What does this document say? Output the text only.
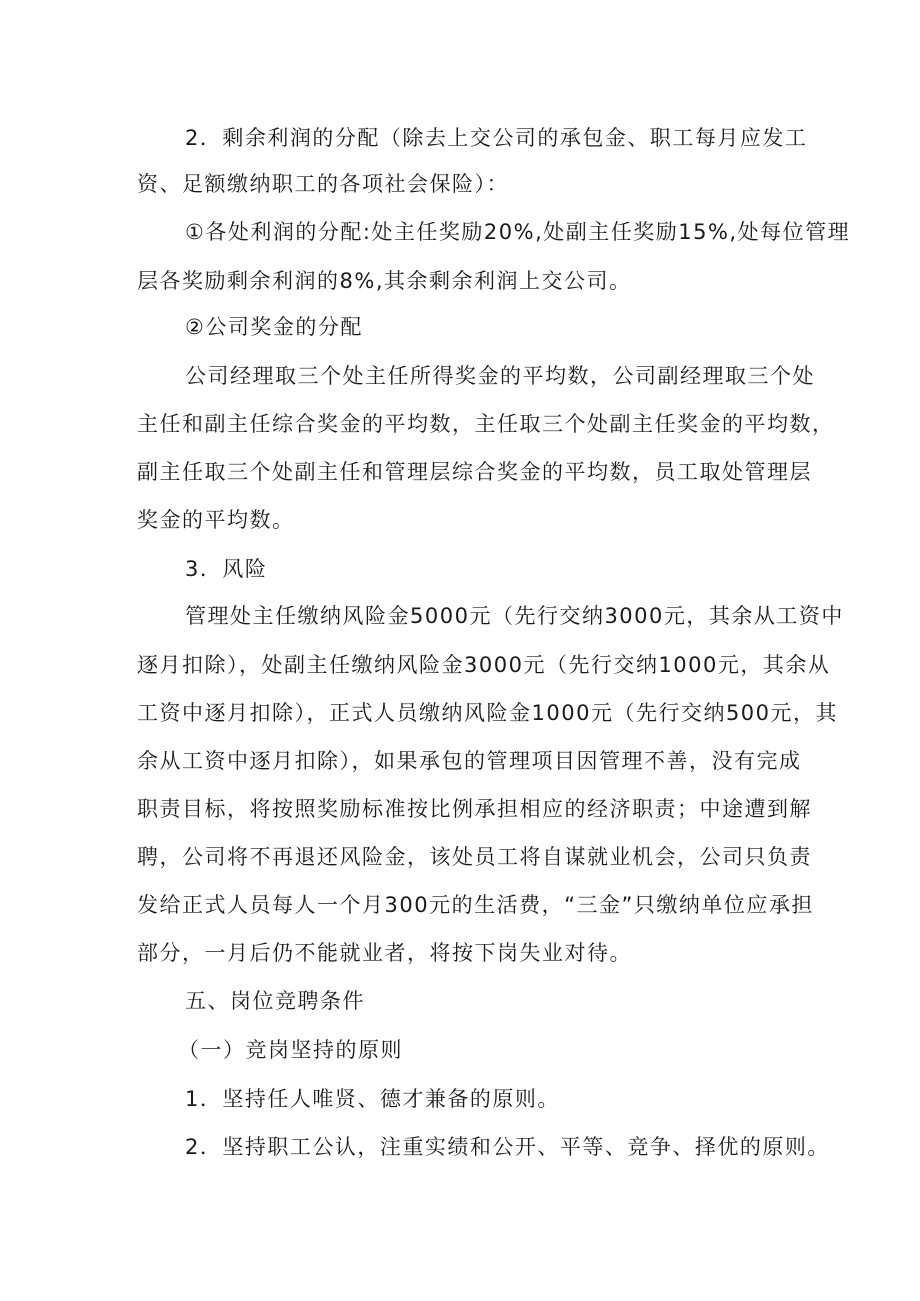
2．剩余利润的分配（除去上交公司的承包金、职工每月应发工
资、足额缴纳职工的各项社会保险）：
①各处利润的分配:处主任奖励20%,处副主任奖励15%,处每位管理
层各奖励剩余利润的8%,其余剩余利润上交公司。
②公司奖金的分配
公司经理取三个处主任所得奖金的平均数，公司副经理取三个处
主任和副主任综合奖金的平均数，主任取三个处副主任奖金的平均数，
副主任取三个处副主任和管理层综合奖金的平均数，员工取处管理层
奖金的平均数。
3．风险
管理处主任缴纳风险金5000元（先行交纳3000元，其余从工资中
逐月扣除），处副主任缴纳风险金3000元（先行交纳1000元，其余从
工资中逐月扣除），正式人员缴纳风险金1000元（先行交纳500元，其
余从工资中逐月扣除），如果承包的管理项目因管理不善，没有完成
职责目标，将按照奖励标准按比例承担相应的经济职责；中途遭到解
聘，公司将不再退还风险金，该处员工将自谋就业机会，公司只负责
发给正式人员每人一个月300元的生活费，“三金”只缴纳单位应承担
部分，一月后仍不能就业者，将按下岗失业对待。
五、岗位竞聘条件
（一）竞岗坚持的原则
1．坚持任人唯贤、德才兼备的原则。
2．坚持职工公认，注重实绩和公开、平等、竞争、择优的原则。
